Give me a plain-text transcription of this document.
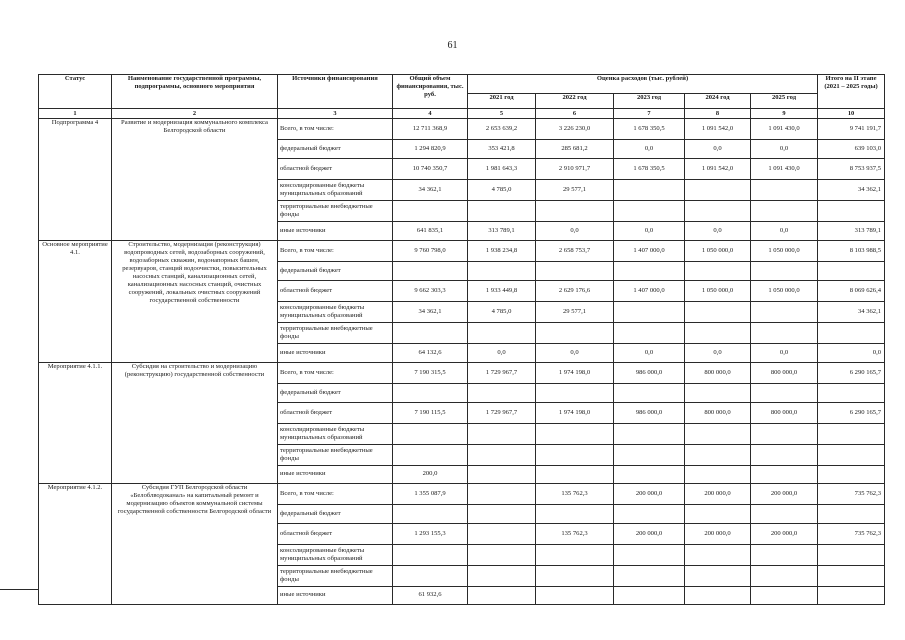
61
Статус	Наименование государственной программы, подпрограммы, основного мероприятия	Источники финансирования	Общий объем финансирования, тыс. руб.	Оценка расходов (тыс. рублей)					Итого на II этапе (2021 – 2025 годы)
				2021 год	2022 год	2023 год	2024 год	2025 год	
1	2	3	4	5	6	7	8	9	10
Подпрограмма 4	Развитие и модернизация коммунального комплекса Белгородской области	Всего, в том числе:	12 711 368,9	2 653 639,2	3 226 230,0	1 678 350,5	1 091 542,0	1 091 430,0	9 741 191,7
		федеральный бюджет	1 294 820,9	353 421,8	285 681,2	0,0	0,0	0,0	639 103,0
		областной бюджет	10 740 350,7	1 981 643,3	2 910 971,7	1 678 350,5	1 091 542,0	1 091 430,0	8 753 937,5
		консолидированные бюджеты муниципальных образований	34 362,1	4 785,0	29 577,1				34 362,1
		территориальные внебюджетные фонды							
		иные источники	641 835,1	313 789,1	0,0	0,0	0,0	0,0	313 789,1
Основное мероприятие 4.1.	Строительство, модернизация (реконструкция) водопроводных сетей, водозаборных сооружений, водозаборных скважин, водонапорных башен, резервуаров, станций водоочистки, повысительных насосных станций, канализационных сетей, канализационных насосных станций, очистных сооружений, локальных очистных сооружений государственной собственности	Всего, в том числе:	9 760 798,0	1 938 234,8	2 658 753,7	1 407 000,0	1 050 000,0	1 050 000,0	8 103 988,5
		федеральный бюджет							
		областной бюджет	9 662 303,3	1 933 449,8	2 629 176,6	1 407 000,0	1 050 000,0	1 050 000,0	8 069 626,4
		консолидированные бюджеты муниципальных образований	34 362,1	4 785,0	29 577,1				34 362,1
		территориальные внебюджетные фонды							
		иные источники	64 132,6	0,0	0,0	0,0	0,0	0,0	0,0
Мероприятие 4.1.1.	Субсидия на строительство и модернизацию (реконструкцию) государственной собственности	Всего, в том числе:	7 190 315,5	1 729 967,7	1 974 198,0	986 000,0	800 000,0	800 000,0	6 290 165,7
		федеральный бюджет							
		областной бюджет	7 190 115,5	1 729 967,7	1 974 198,0	986 000,0	800 000,0	800 000,0	6 290 165,7
		консолидированные бюджеты муниципальных образований							
		территориальные внебюджетные фонды							
		иные источники	200,0						
Мероприятие 4.1.2.	Субсидия ГУП Белгородской области «Белоблводоканал» на капитальный ремонт и модернизацию объектов коммунальной системы государственной собственности Белгородской области	Всего, в том числе:	1 355 087,9		135 762,3	200 000,0	200 000,0	200 000,0	735 762,3
		федеральный бюджет							
		областной бюджет	1 293 155,3		135 762,3	200 000,0	200 000,0	200 000,0	735 762,3
		консолидированные бюджеты муниципальных образований							
		территориальные внебюджетные фонды							
		иные источники	61 932,6						
